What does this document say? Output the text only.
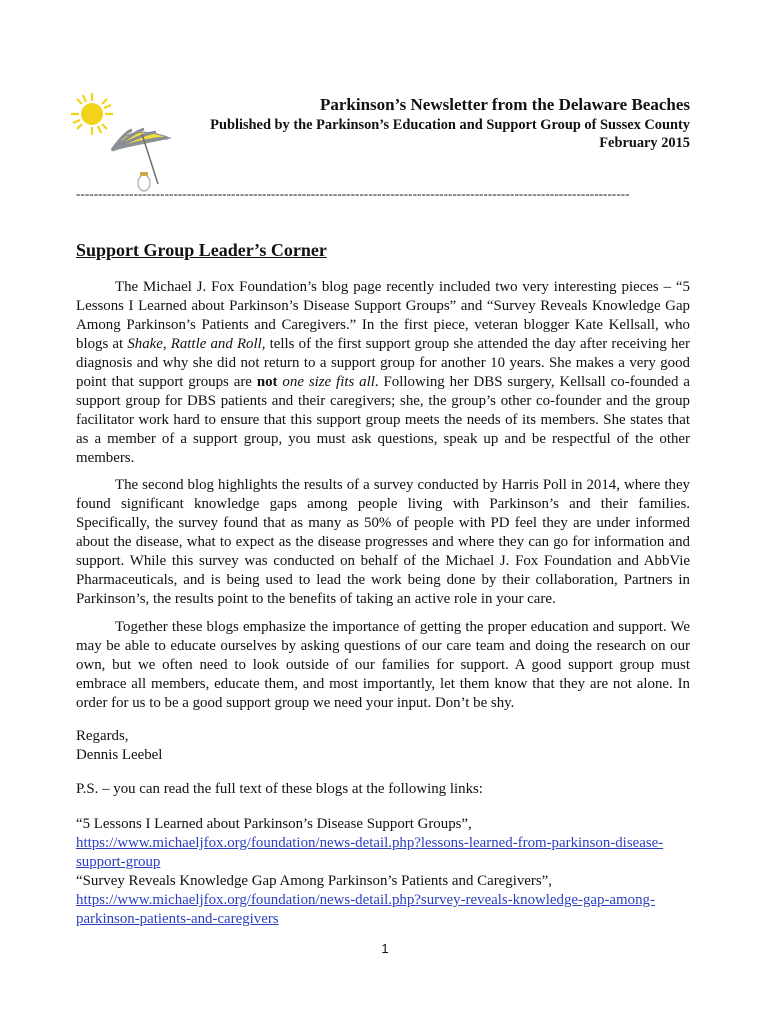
Parkinson’s Newsletter from the Delaware Beaches
Published by the Parkinson’s Education and Support Group of Sussex County
February 2015
-----------------------------------------------------------------------------------------------------------------------------
Support Group Leader’s Corner

The Michael J. Fox Foundation’s blog page recently included two very interesting pieces – “5 Lessons I Learned about Parkinson’s Disease Support Groups” and “Survey Reveals Knowledge Gap Among Parkinson’s Patients and Caregivers.” In the first piece, veteran blogger Kate Kellsall, who blogs at Shake, Rattle and Roll, tells of the first support group she attended the day after receiving her diagnosis and why she did not return to a support group for another 10 years. She makes a very good point that support groups are not one size fits all. Following her DBS surgery, Kellsall co-founded a support group for DBS patients and their caregivers; she, the group’s other co-founder and the group facilitator work hard to ensure that this support group meets the needs of its members. She states that as a member of a support group, you must ask questions, speak up and be respectful of the other members.

The second blog highlights the results of a survey conducted by Harris Poll in 2014, where they found significant knowledge gaps among people living with Parkinson’s and their families. Specifically, the survey found that as many as 50% of people with PD feel they are under informed about the disease, what to expect as the disease progresses and where they can go for information and support. While this survey was conducted on behalf of the Michael J. Fox Foundation and AbbVie Pharmaceuticals, and is being used to lead the work being done by their collaboration, Partners in Parkinson’s, the results point to the benefits of taking an active role in your care.

Together these blogs emphasize the importance of getting the proper education and support. We may be able to educate ourselves by asking questions of our care team and doing the research on our own, but we often need to look outside of our families for support. A good support group must embrace all members, educate them, and most importantly, let them know that they are not alone. In order for us to be a good support group we need your input. Don’t be shy.

Regards,
Dennis Leebel
P.S. – you can read the full text of these blogs at the following links:
“5 Lessons I Learned about Parkinson’s Disease Support Groups”,
https://www.michaeljfox.org/foundation/news-detail.php?lessons-learned-from-parkinson-disease-
support-group
“Survey Reveals Knowledge Gap Among Parkinson’s Patients and Caregivers”,
https://www.michaeljfox.org/foundation/news-detail.php?survey-reveals-knowledge-gap-among-
parkinson-patients-and-caregivers
1
